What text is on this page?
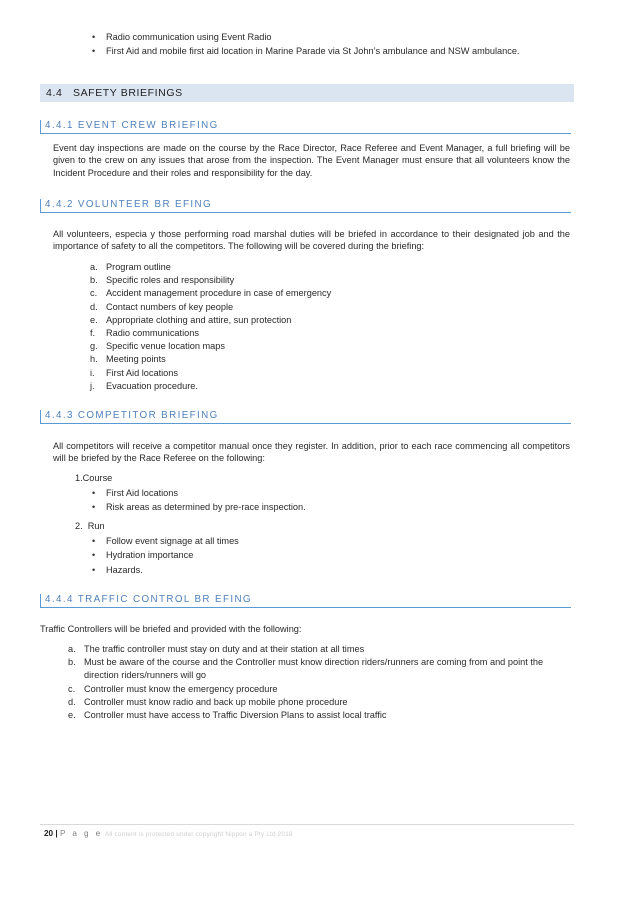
• Radio communication using Event Radio
• First Aid and mobile first aid location in Marine Parade via St John’s ambulance and NSW ambulance.
4.4 SAFETY BRIEFINGS
4.4.1 EVENT CREW BRIEFING
Event day inspections are made on the course by the Race Director, Race Referee and Event Manager, a full briefing will be given to the crew on any issues that arose from the inspection. The Event Manager must ensure that all volunteers know the Incident Procedure and their roles and responsibility for the day.
4.4.2 VOLUNTEER BR EFING
All volunteers, especia y those performing road marshal duties will be briefed in accordance to their designated job and the importance of safety to all the competitors. The following will be covered during the briefing:
a. Program outline
b. Specific roles and responsibility
c. Accident management procedure in case of emergency
d. Contact numbers of key people
e. Appropriate clothing and attire, sun protection
f. Radio communications
g. Specific venue location maps
h. Meeting points
i. First Aid locations
j. Evacuation procedure.
4.4.3 COMPETITOR BRIEFING
All competitors will receive a competitor manual once they register. In addition, prior to each race commencing all competitors will be briefed by the Race Referee on the following:
1.Course
• First Aid locations
• Risk areas as determined by pre-race inspection.
2.  Run
• Follow event signage at all times
• Hydration importance
• Hazards.
4.4.4 TRAFFIC CONTROL BR EFING
Traffic Controllers will be briefed and provided with the following:
a. The traffic controller must stay on duty and at their station at all times
b. Must be aware of the course and the Controller must know direction riders/runners are coming from and point the direction riders/runners will go
c. Controller must know the emergency procedure
d. Controller must know radio and back up mobile phone procedure
e. Controller must have access to Traffic Diversion Plans to assist local traffic
20 | P a g e All content is protected under copyright Nippon a Pty Ltd 2018
